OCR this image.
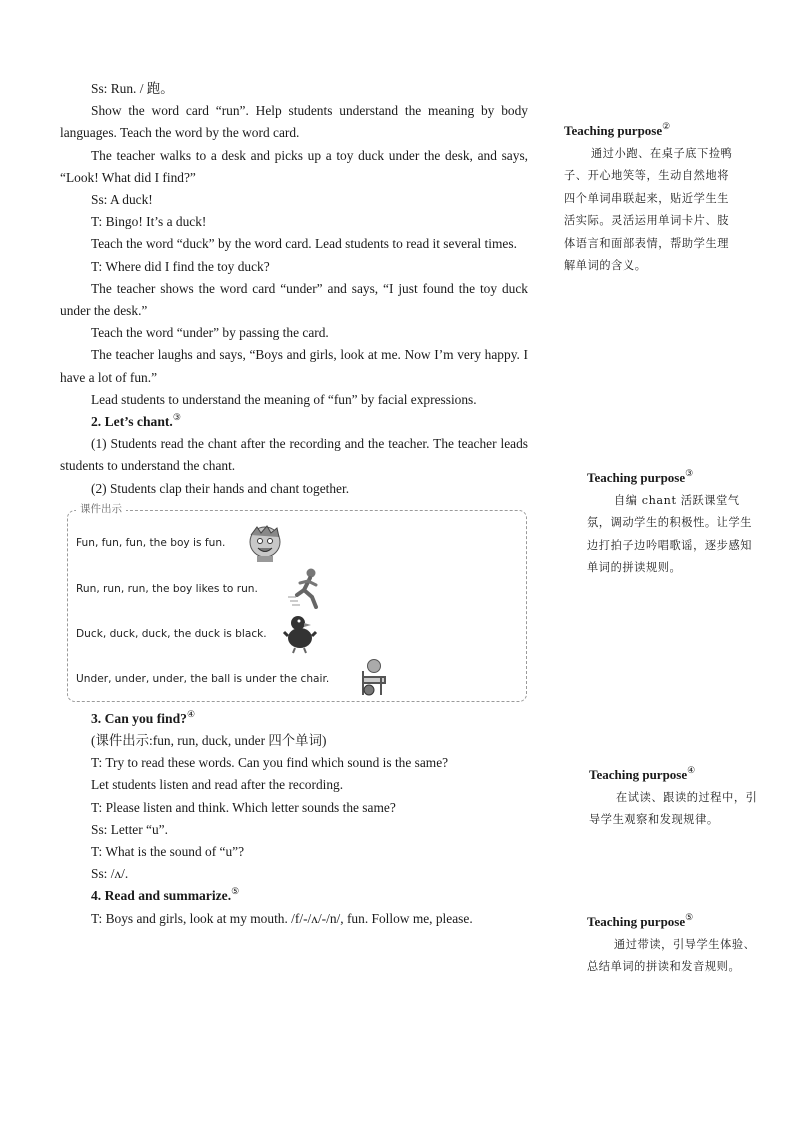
Ss: Run. / 跑。

Show the word card “run”. Help students understand the meaning by body languages. Teach the word by the word card.

The teacher walks to a desk and picks up a toy duck under the desk, and says, “Look! What did I find?”

Ss: A duck!

T: Bingo! It’s a duck!

Teach the word “duck” by the word card. Lead students to read it several times.

T: Where did I find the toy duck?

The teacher shows the word card “under” and says, “I just found the toy duck under the desk.”

Teach the word “under” by passing the card.

The teacher laughs and says, “Boys and girls, look at me. Now I’m very happy. I have a lot of fun.”

Lead students to understand the meaning of “fun” by facial expressions.

2. Let’s chant.③

(1) Students read the chant after the recording and the teacher. The teacher leads students to understand the chant.

(2) Students clap their hands and chant together.

课件出示
Fun, fun, fun, the boy is fun.
Run, run, run, the boy likes to run.
Duck, duck, duck, the duck is black.
Under, under, under, the ball is under the chair.

3. Can you find?④

(课件出示:fun, run, duck, under 四个单词)

T: Try to read these words. Can you find which sound is the same?

Let students listen and read after the recording.

T: Please listen and think. Which letter sounds the same?

Ss: Letter “u”.

T: What is the sound of “u”?

Ss: /ʌ/.

4. Read and summarize.⑤

T: Boys and girls, look at my mouth. /f/-/ʌ/-/n/, fun. Follow me, please.

Teaching purpose②
通过小跑、在桌子底下捡鸭子、开心地笑等，生动自然地将四个单词串联起来，贴近学生生活实际。灵活运用单词卡片、肢体语言和面部表情，帮助学生理解单词的含义。
Teaching purpose③
自编 chant 活跃课堂气氛，调动学生的积极性。让学生边打拍子边吟唱歌谣，逐步感知单词的拼读规则。
Teaching purpose④
在试读、跟读的过程中，引导学生观察和发现规律。
Teaching purpose⑤
通过带读，引导学生体验、总结单词的拼读和发音规则。
